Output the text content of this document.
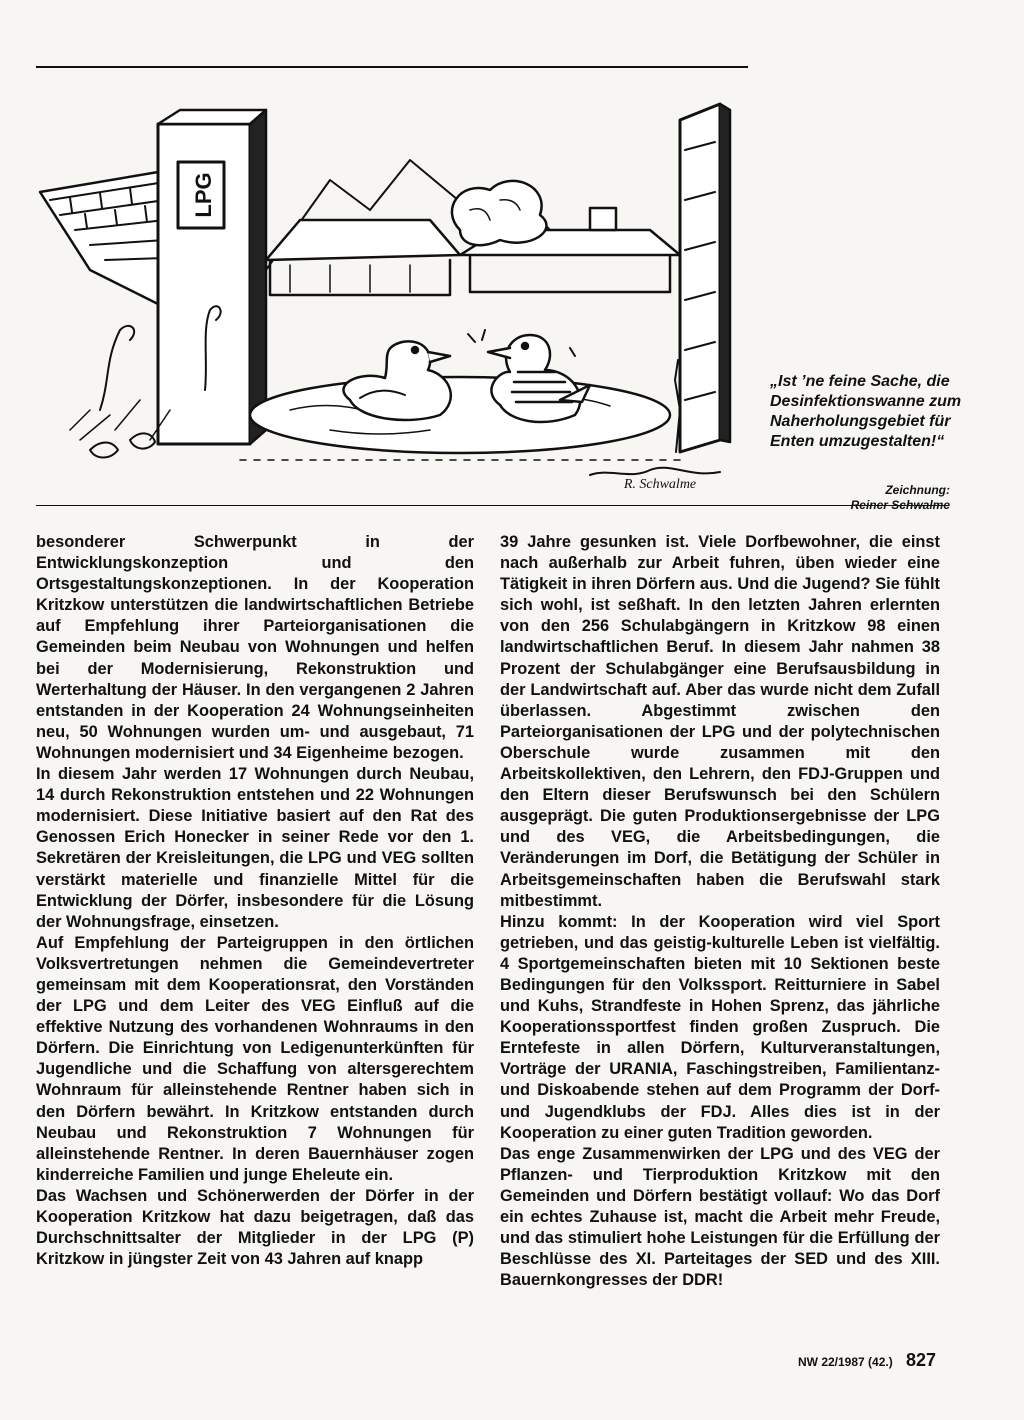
LPG
R. Schwalme
„Ist ’ne feine Sache, die Desinfektionswanne zum Naherholungsgebiet für Enten umzugestalten!“
Zeichnung:
Reiner Schwalme

besonderer Schwerpunkt in der Entwicklungskonzeption und den Ortsgestaltungskonzeptionen. In der Kooperation Kritzkow unterstützen die landwirtschaftlichen Betriebe auf Empfehlung ihrer Parteiorganisationen die Gemeinden beim Neubau von Wohnungen und helfen bei der Modernisierung, Rekonstruktion und Werterhaltung der Häuser. In den vergangenen 2 Jahren entstanden in der Kooperation 24 Wohnungseinheiten neu, 50 Wohnungen wurden um- und ausgebaut, 71 Wohnungen modernisiert und 34 Eigenheime bezogen.

In diesem Jahr werden 17 Wohnungen durch Neubau, 14 durch Rekonstruktion entstehen und 22 Wohnungen modernisiert. Diese Initiative basiert auf den Rat des Genossen Erich Honecker in seiner Rede vor den 1. Sekretären der Kreisleitungen, die LPG und VEG sollten verstärkt materielle und finanzielle Mittel für die Entwicklung der Dörfer, insbesondere für die Lösung der Wohnungsfrage, einsetzen.

Auf Empfehlung der Parteigruppen in den örtlichen Volksvertretungen nehmen die Gemeindevertreter gemeinsam mit dem Kooperationsrat, den Vorständen der LPG und dem Leiter des VEG Einfluß auf die effektive Nutzung des vorhandenen Wohnraums in den Dörfern. Die Einrichtung von Ledigenunterkünften für Jugendliche und die Schaffung von altersgerechtem Wohnraum für alleinstehende Rentner haben sich in den Dörfern bewährt. In Kritzkow entstanden durch Neubau und Rekonstruktion 7 Wohnungen für alleinstehende Rentner. In deren Bauernhäuser zogen kinderreiche Familien und junge Eheleute ein.

Das Wachsen und Schönerwerden der Dörfer in der Kooperation Kritzkow hat dazu beigetragen, daß das Durchschnittsalter der Mitglieder in der LPG (P) Kritzkow in jüngster Zeit von 43 Jahren auf knapp

39 Jahre gesunken ist. Viele Dorfbewohner, die einst nach außerhalb zur Arbeit fuhren, üben wieder eine Tätigkeit in ihren Dörfern aus. Und die Jugend? Sie fühlt sich wohl, ist seßhaft. In den letzten Jahren erlernten von den 256 Schulabgängern in Kritzkow 98 einen landwirtschaftlichen Beruf. In diesem Jahr nahmen 38 Prozent der Schulabgänger eine Berufsausbildung in der Landwirtschaft auf. Aber das wurde nicht dem Zufall überlassen. Abgestimmt zwischen den Parteiorganisationen der LPG und der polytechnischen Oberschule wurde zusammen mit den Arbeitskollektiven, den Lehrern, den FDJ-Gruppen und den Eltern dieser Berufswunsch bei den Schülern ausgeprägt. Die guten Produktionsergebnisse der LPG und des VEG, die Arbeitsbedingungen, die Veränderungen im Dorf, die Betätigung der Schüler in Arbeitsgemeinschaften haben die Berufswahl stark mitbestimmt.

Hinzu kommt: In der Kooperation wird viel Sport getrieben, und das geistig-kulturelle Leben ist vielfältig. 4 Sportgemeinschaften bieten mit 10 Sektionen beste Bedingungen für den Volkssport. Reitturniere in Sabel und Kuhs, Strandfeste in Hohen Sprenz, das jährliche Kooperationssportfest finden großen Zuspruch. Die Erntefeste in allen Dörfern, Kulturveranstaltungen, Vorträge der URANIA, Faschingstreiben, Familientanz- und Diskoabende stehen auf dem Programm der Dorf- und Jugendklubs der FDJ. Alles dies ist in der Kooperation zu einer guten Tradition geworden.

Das enge Zusammenwirken der LPG und des VEG der Pflanzen- und Tierproduktion Kritzkow mit den Gemeinden und Dörfern bestätigt vollauf: Wo das Dorf ein echtes Zuhause ist, macht die Arbeit mehr Freude, und das stimuliert hohe Leistungen für die Erfüllung der Beschlüsse des XI. Parteitages der SED und des XIII. Bauernkongresses der DDR!

NW 22/1987 (42.) 827
